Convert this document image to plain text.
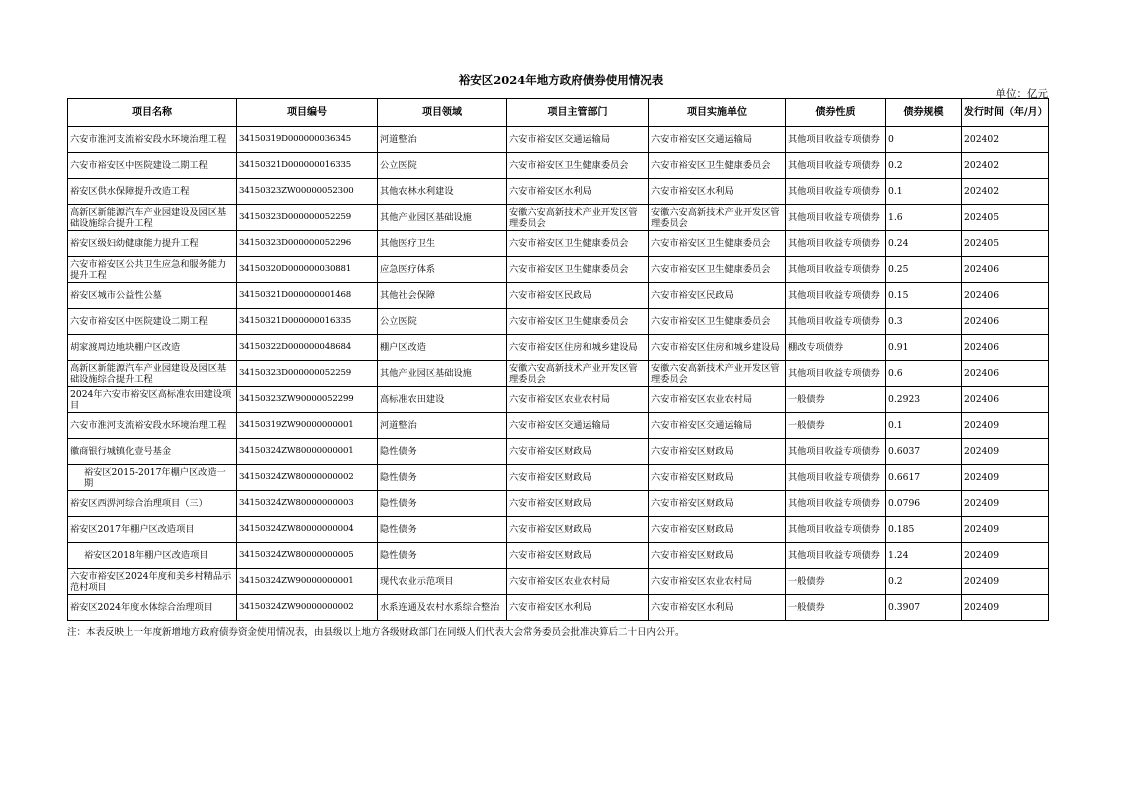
裕安区2024年地方政府债券使用情况表
单位：亿元
项目名称	项目编号	项目领域	项目主管部门	项目实施单位	债券性质	债券规模	发行时间（年/月）
六安市淮河支流裕安段水环境治理工程	34150319D000000036345	河道整治	六安市裕安区交通运输局	六安市裕安区交通运输局	其他项目收益专项债券	0	202402
六安市裕安区中医院建设二期工程	34150321D000000016335	公立医院	六安市裕安区卫生健康委员会	六安市裕安区卫生健康委员会	其他项目收益专项债券	0.2	202402
裕安区供水保障提升改造工程	34150323ZW00000052300	其他农林水利建设	六安市裕安区水利局	六安市裕安区水利局	其他项目收益专项债券	0.1	202402
高新区新能源汽车产业园建设及园区基础设施综合提升工程	34150323D000000052259	其他产业园区基础设施	安徽六安高新技术产业开发区管理委员会	安徽六安高新技术产业开发区管理委员会	其他项目收益专项债券	1.6	202405
裕安区级妇幼健康能力提升工程	34150323D000000052296	其他医疗卫生	六安市裕安区卫生健康委员会	六安市裕安区卫生健康委员会	其他项目收益专项债券	0.24	202405
六安市裕安区公共卫生应急和服务能力提升工程	34150320D000000030881	应急医疗体系	六安市裕安区卫生健康委员会	六安市裕安区卫生健康委员会	其他项目收益专项债券	0.25	202406
裕安区城市公益性公墓	34150321D000000001468	其他社会保障	六安市裕安区民政局	六安市裕安区民政局	其他项目收益专项债券	0.15	202406
六安市裕安区中医院建设二期工程	34150321D000000016335	公立医院	六安市裕安区卫生健康委员会	六安市裕安区卫生健康委员会	其他项目收益专项债券	0.3	202406
胡家渡周边地块棚户区改造	34150322D000000048684	棚户区改造	六安市裕安区住房和城乡建设局	六安市裕安区住房和城乡建设局	棚改专项债券	0.91	202406
高新区新能源汽车产业园建设及园区基础设施综合提升工程	34150323D000000052259	其他产业园区基础设施	安徽六安高新技术产业开发区管理委员会	安徽六安高新技术产业开发区管理委员会	其他项目收益专项债券	0.6	202406
2024年六安市裕安区高标准农田建设项目	34150323ZW90000052299	高标准农田建设	六安市裕安区农业农村局	六安市裕安区农业农村局	一般债券	0.2923	202406
六安市淮河支流裕安段水环境治理工程	34150319ZW90000000001	河道整治	六安市裕安区交通运输局	六安市裕安区交通运输局	一般债券	0.1	202409
徽商银行城镇化壹号基金	34150324ZW80000000001	隐性债务	六安市裕安区财政局	六安市裕安区财政局	其他项目收益专项债券	0.6037	202409
裕安区2015-2017年棚户区改造一期	34150324ZW80000000002	隐性债务	六安市裕安区财政局	六安市裕安区财政局	其他项目收益专项债券	0.6617	202409
裕安区西淠河综合治理项目（三）	34150324ZW80000000003	隐性债务	六安市裕安区财政局	六安市裕安区财政局	其他项目收益专项债券	0.0796	202409
裕安区2017年棚户区改造项目	34150324ZW80000000004	隐性债务	六安市裕安区财政局	六安市裕安区财政局	其他项目收益专项债券	0.185	202409
裕安区2018年棚户区改造项目	34150324ZW80000000005	隐性债务	六安市裕安区财政局	六安市裕安区财政局	其他项目收益专项债券	1.24	202409
六安市裕安区2024年度和美乡村精品示范村项目	34150324ZW90000000001	现代农业示范项目	六安市裕安区农业农村局	六安市裕安区农业农村局	一般债券	0.2	202409
裕安区2024年度水体综合治理项目	34150324ZW90000000002	水系连通及农村水系综合整治	六安市裕安区水利局	六安市裕安区水利局	一般债券	0.3907	202409
注：本表反映上一年度新增地方政府债券资金使用情况表，由县级以上地方各级财政部门在同级人们代表大会常务委员会批准决算后二十日内公开。
